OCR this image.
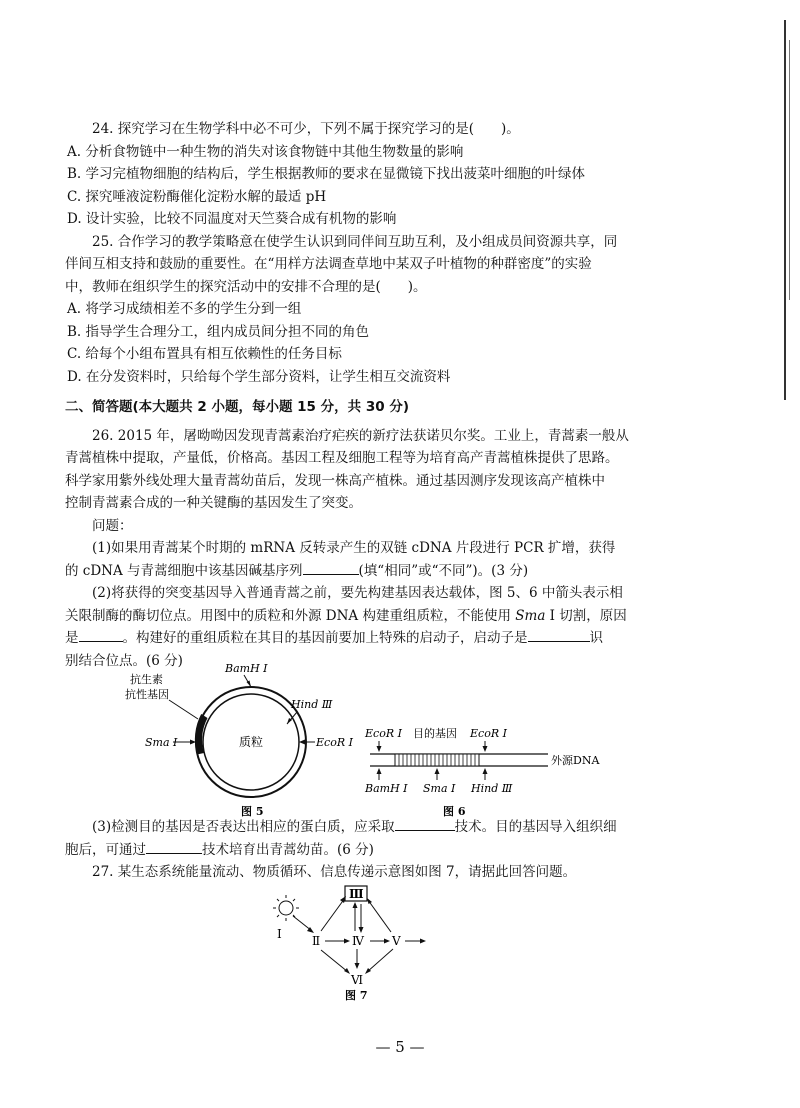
24. 探究学习在生物学科中必不可少，下列不属于探究学习的是(　　)。

A. 分析食物链中一种生物的消失对该食物链中其他生物数量的影响

B. 学习完植物细胞的结构后，学生根据教师的要求在显微镜下找出菠菜叶细胞的叶绿体

C. 探究唾液淀粉酶催化淀粉水解的最适 pH

D. 设计实验，比较不同温度对天竺葵合成有机物的影响

25. 合作学习的教学策略意在使学生认识到同伴间互助互利，及小组成员间资源共享，同

伴间互相支持和鼓励的重要性。在“用样方法调查草地中某双子叶植物的种群密度”的实验

中，教师在组织学生的探究活动中的安排不合理的是(　　)。

A. 将学习成绩相差不多的学生分到一组

B. 指导学生合理分工，组内成员间分担不同的角色

C. 给每个小组布置具有相互依赖性的任务目标

D. 在分发资料时，只给每个学生部分资料，让学生相互交流资料

二、简答题(本大题共 2 小题，每小题 15 分，共 30 分)

26. 2015 年，屠呦呦因发现青蒿素治疗疟疾的新疗法获诺贝尔奖。工业上，青蒿素一般从

青蒿植株中提取，产量低，价格高。基因工程及细胞工程等为培育高产青蒿植株提供了思路。

科学家用紫外线处理大量青蒿幼苗后，发现一株高产植株。通过基因测序发现该高产植株中

控制青蒿素合成的一种关键酶的基因发生了突变。

问题：

(1)如果用青蒿某个时期的 mRNA 反转录产生的双链 cDNA 片段进行 PCR 扩增，获得

的 cDNA 与青蒿细胞中该基因碱基序列	(填“相同”或“不同”)。(3 分)

(2)将获得的突变基因导入普通青蒿之前，要先构建基因表达载体，图 5、6 中箭头表示相

关限制酶的酶切位点。用图中的质粒和外源 DNA 构建重组质粒，不能使用 Sma Ⅰ 切割，原因

是	。构建好的重组质粒在其目的基因前要加上特殊的启动子，启动子是	识

别结合位点。(6 分)	BamH Ⅰ
抗生素
抗性基因
Hind Ⅲ
Sma Ⅰ	质粒	EcoR Ⅰ
图 5
EcoR Ⅰ 目的基因 EcoR Ⅰ
外源DNA
BamH Ⅰ Sma Ⅰ Hind Ⅲ
图 6

(3)检测目的基因是否表达出相应的蛋白质，应采取	技术。目的基因导入组织细

胞后，可通过	技术培育出青蒿幼苗。(6 分)

27. 某生态系统能量流动、物质循环、信息传递示意图如图 7，请据此回答问题。

Ⅰ	Ⅱ
Ⅲ
Ⅳ Ⅴ
Ⅵ
图 7
— 5 —
